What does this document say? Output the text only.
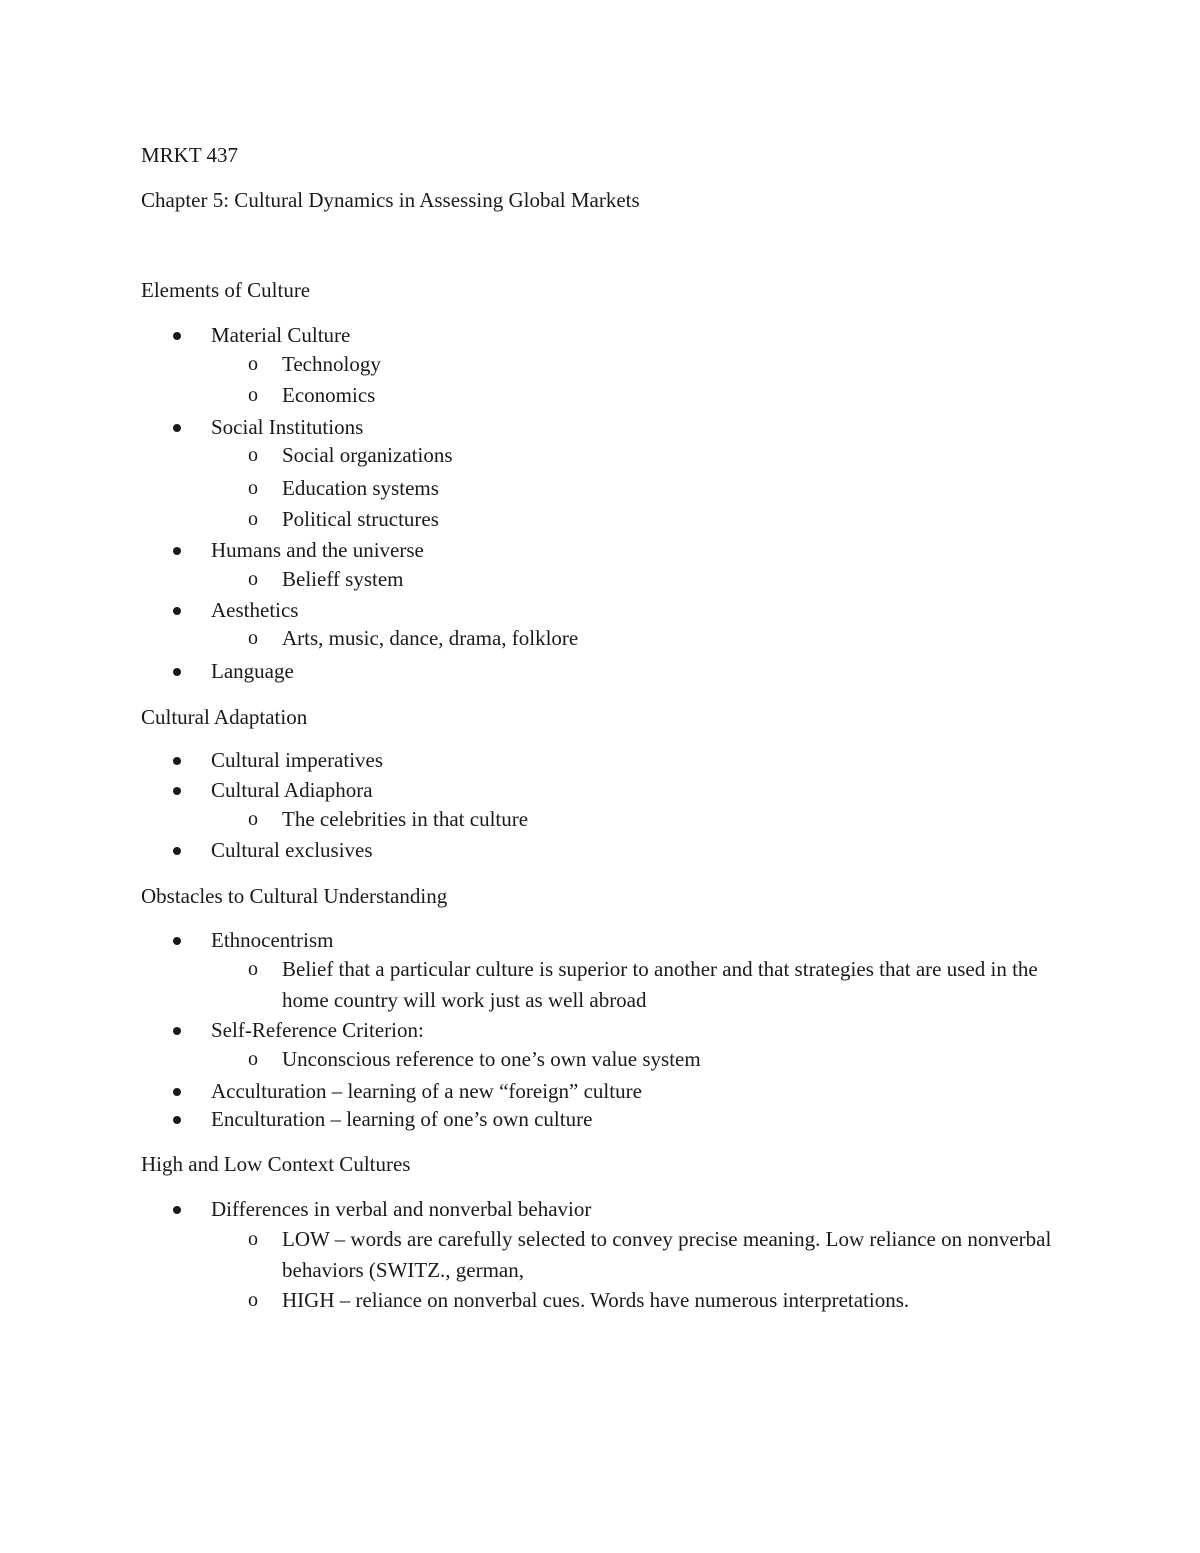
MRKT 437
Chapter 5: Cultural Dynamics in Assessing Global Markets
Elements of Culture
Material Culture
o Technology
o Economics
Social Institutions
o Social organizations
o Education systems
o Political structures
Humans and the universe
o Belieff system
Aesthetics
o Arts, music, dance, drama, folklore
Language
Cultural Adaptation
Cultural imperatives
Cultural Adiaphora
o The celebrities in that culture
Cultural exclusives
Obstacles to Cultural Understanding
Ethnocentrism
o Belief that a particular culture is superior to another and that strategies that are used in the home country will work just as well abroad
Self-Reference Criterion:
o Unconscious reference to one’s own value system
Acculturation – learning of a new “foreign” culture
Enculturation – learning of one’s own culture
High and Low Context Cultures
Differences in verbal and nonverbal behavior
o LOW – words are carefully selected to convey precise meaning. Low reliance on nonverbal behaviors (SWITZ., german,
o HIGH – reliance on nonverbal cues. Words have numerous interpretations.
